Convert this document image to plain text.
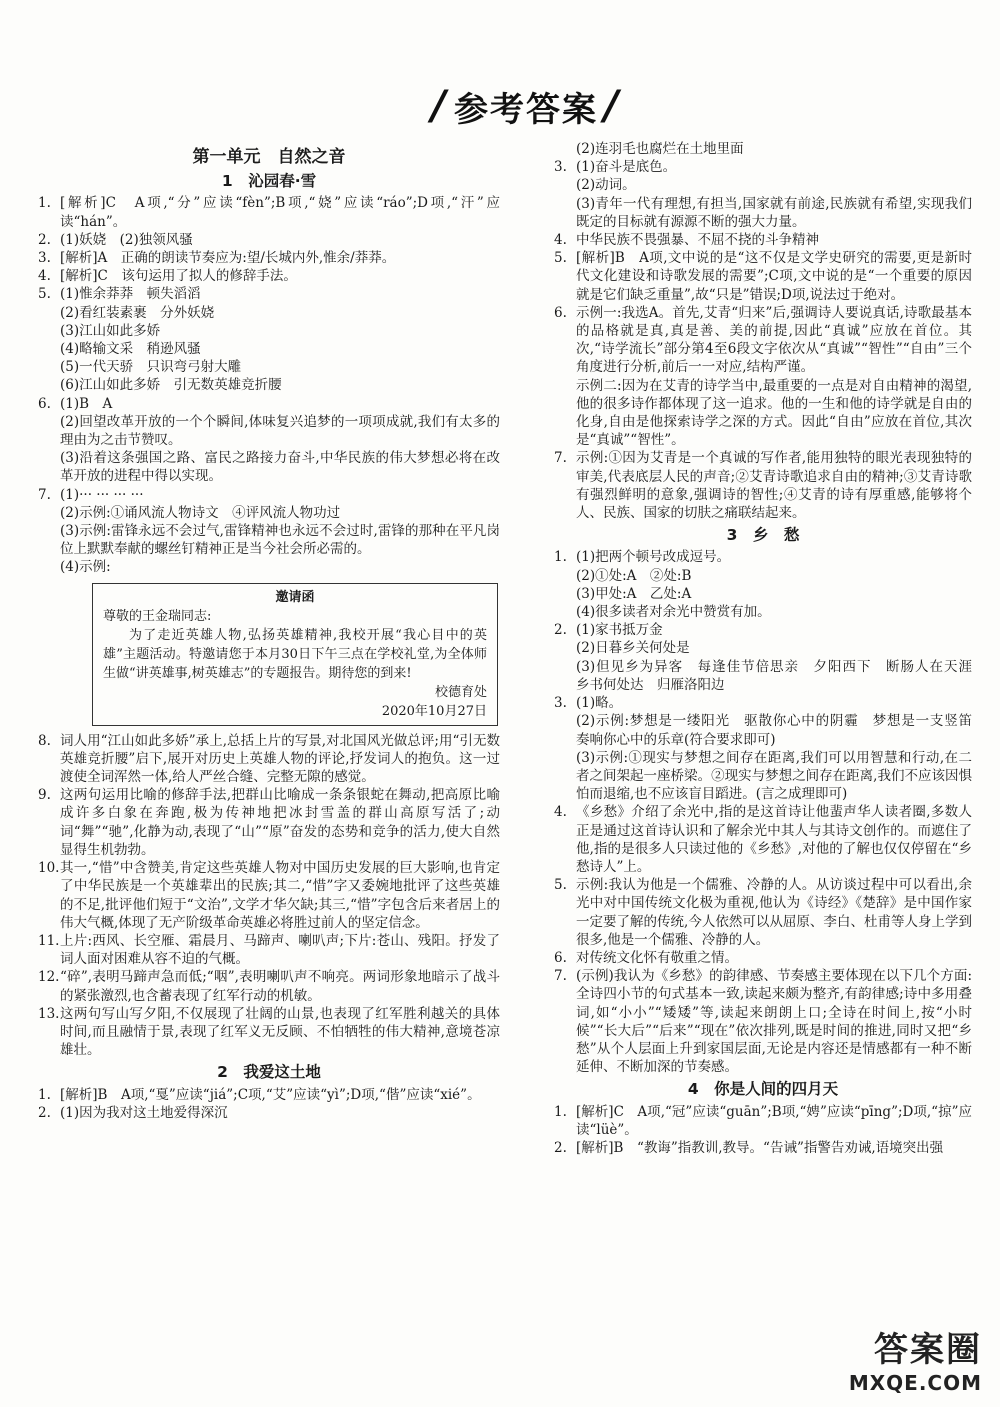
/ 参考答案 /
第一单元　自然之音
1　沁园春·雪
1. [解析]C　A项,“分”应读“fèn”;B项,“娆”应读“ráo”;D项,“汗”应读“hán”。
2. (1)妖娆　(2)独领风骚
3. [解析]A　正确的朗读节奏应为:望/长城内外,惟余/莽莽。
4. [解析]C　该句运用了拟人的修辞手法。
5. (1)惟余莽莽　顿失滔滔
(2)看红装素裹　分外妖娆
(3)江山如此多娇
(4)略输文采　稍逊风骚
(5)一代天骄　只识弯弓射大雕
(6)江山如此多娇　引无数英雄竞折腰
6. (1)B　A
(2)回望改革开放的一个个瞬间,体味复兴追梦的一项项成就,我们有太多的理由为之击节赞叹。
(3)沿着这条强国之路、富民之路接力奋斗,中华民族的伟大梦想必将在改革开放的进程中得以实现。
7. (1)··· ··· ··· ···
(2)示例:①诵风流人物诗文　④评风流人物功过
(3)示例:雷锋永远不会过气,雷锋精神也永远不会过时,雷锋的那种在平凡岗位上默默奉献的螺丝钉精神正是当今社会所必需的。
(4)示例:
邀请函
尊敬的王金瑞同志:
为了走近英雄人物,弘扬英雄精神,我校开展“我心目中的英雄”主题活动。特邀请您于本月30日下午三点在学校礼堂,为全体师生做“讲英雄事,树英雄志”的专题报告。期待您的到来!
校德育处
2020年10月27日
8. 词人用“江山如此多娇”承上,总括上片的写景,对北国风光做总评;用“引无数英雄竞折腰”启下,展开对历史上英雄人物的评论,抒发词人的抱负。这一过渡使全词浑然一体,给人严丝合缝、完整无隙的感觉。
9. 这两句运用比喻的修辞手法,把群山比喻成一条条银蛇在舞动,把高原比喻成许多白象在奔跑,极为传神地把冰封雪盖的群山高原写活了;动词“舞”“驰”,化静为动,表现了“山”“原”奋发的态势和竞争的活力,使大自然显得生机勃勃。
10. 其一,“惜”中含赞美,肯定这些英雄人物对中国历史发展的巨大影响,也肯定了中华民族是一个英雄辈出的民族;其二,“惜”字又委婉地批评了这些英雄的不足,批评他们短于“文治”,文学才华欠缺;其三,“惜”字包含后来者居上的伟大气概,体现了无产阶级革命英雄必将胜过前人的坚定信念。
11. 上片:西风、长空雁、霜晨月、马蹄声、喇叭声;下片:苍山、残阳。抒发了词人面对困难从容不迫的气概。
12. “碎”,表明马蹄声急而低;“咽”,表明喇叭声不响亮。两词形象地暗示了战斗的紧张激烈,也含蓄表现了红军行动的机敏。
13. 这两句写山写夕阳,不仅展现了壮阔的山景,也表现了红军胜利越关的具体时间,而且融情于景,表现了红军义无反顾、不怕牺牲的伟大精神,意境苍凉雄壮。
2　我爱这土地
1. [解析]B　A项,“戛”应读“jiá”;C项,“艾”应读“yì”;D项,“偕”应读“xié”。
2. (1)因为我对这土地爱得深沉
(2)连羽毛也腐烂在土地里面
3. (1)奋斗是底色。
(2)动词。
(3)青年一代有理想,有担当,国家就有前途,民族就有希望,实现我们既定的目标就有源源不断的强大力量。
4. 中华民族不畏强暴、不屈不挠的斗争精神
5. [解析]B　A项,文中说的是“这不仅是文学史研究的需要,更是新时代文化建设和诗歌发展的需要”;C项,文中说的是“一个重要的原因就是它们缺乏重量”,故“只是”错误;D项,说法过于绝对。
6. 示例一:我选A。首先,艾青“归来”后,强调诗人要说真话,诗歌最基本的品格就是真,真是善、美的前提,因此“真诚”应放在首位。其次,“诗学流长”部分第4至6段文字依次从“真诚”“智性”“自由”三个角度进行分析,前后一一对应,结构严谨。
示例二:因为在艾青的诗学当中,最重要的一点是对自由精神的渴望,他的很多诗作都体现了这一追求。他的一生和他的诗学就是自由的化身,自由是他探索诗学之深的方式。因此“自由”应放在首位,其次是“真诚”“智性”。
7. 示例:①因为艾青是一个真诚的写作者,能用独特的眼光表现独特的审美,代表底层人民的声音;②艾青诗歌追求自由的精神;③艾青诗歌有强烈鲜明的意象,强调诗的智性;④艾青的诗有厚重感,能够将个人、民族、国家的切肤之痛联结起来。
3　乡　愁
1. (1)把两个顿号改成逗号。
(2)①处:A　②处:B
(3)甲处:A　乙处:A
(4)很多读者对余光中赞赏有加。
2. (1)家书抵万金
(2)日暮乡关何处是
(3)但见乡为异客　每逢佳节倍思亲　夕阳西下　断肠人在天涯　乡书何处达　归雁洛阳边
3. (1)略。
(2)示例:梦想是一缕阳光　驱散你心中的阴霾　梦想是一支竖笛　奏响你心中的乐章(符合要求即可)
(3)示例:①现实与梦想之间存在距离,我们可以用智慧和行动,在二者之间架起一座桥梁。②现实与梦想之间存在距离,我们不应该因惧怕而退缩,也不应该盲目蹈进。(言之成理即可)
4. 《乡愁》介绍了余光中,指的是这首诗让他蜚声华人读者圈,多数人正是通过这首诗认识和了解余光中其人与其诗文创作的。而遮住了他,指的是很多人只读过他的《乡愁》,对他的了解也仅仅停留在“乡愁诗人”上。
5. 示例:我认为他是一个儒雅、冷静的人。从访谈过程中可以看出,余光中对中国传统文化极为重视,他认为《诗经》《楚辞》是中国作家一定要了解的传统,今人依然可以从屈原、李白、杜甫等人身上学到很多,他是一个儒雅、冷静的人。
6. 对传统文化怀有敬重之情。
7. (示例)我认为《乡愁》的韵律感、节奏感主要体现在以下几个方面:全诗四小节的句式基本一致,读起来颇为整齐,有韵律感;诗中多用叠词,如“小小”“矮矮”等,读起来朗朗上口;全诗在时间上,按“小时候”“长大后”“后来”“现在”依次排列,既是时间的推进,同时又把“乡愁”从个人层面上升到家国层面,无论是内容还是情感都有一种不断延伸、不断加深的节奏感。
4　你是人间的四月天
1. [解析]C　A项,“冠”应读“guān”;B项,“娉”应读“pīng”;D项,“掠”应读“lüè”。
2. [解析]B　“教诲”指教训,教导。“告诫”指警告劝诫,语境突出强
答案圈
MXQE.COM
